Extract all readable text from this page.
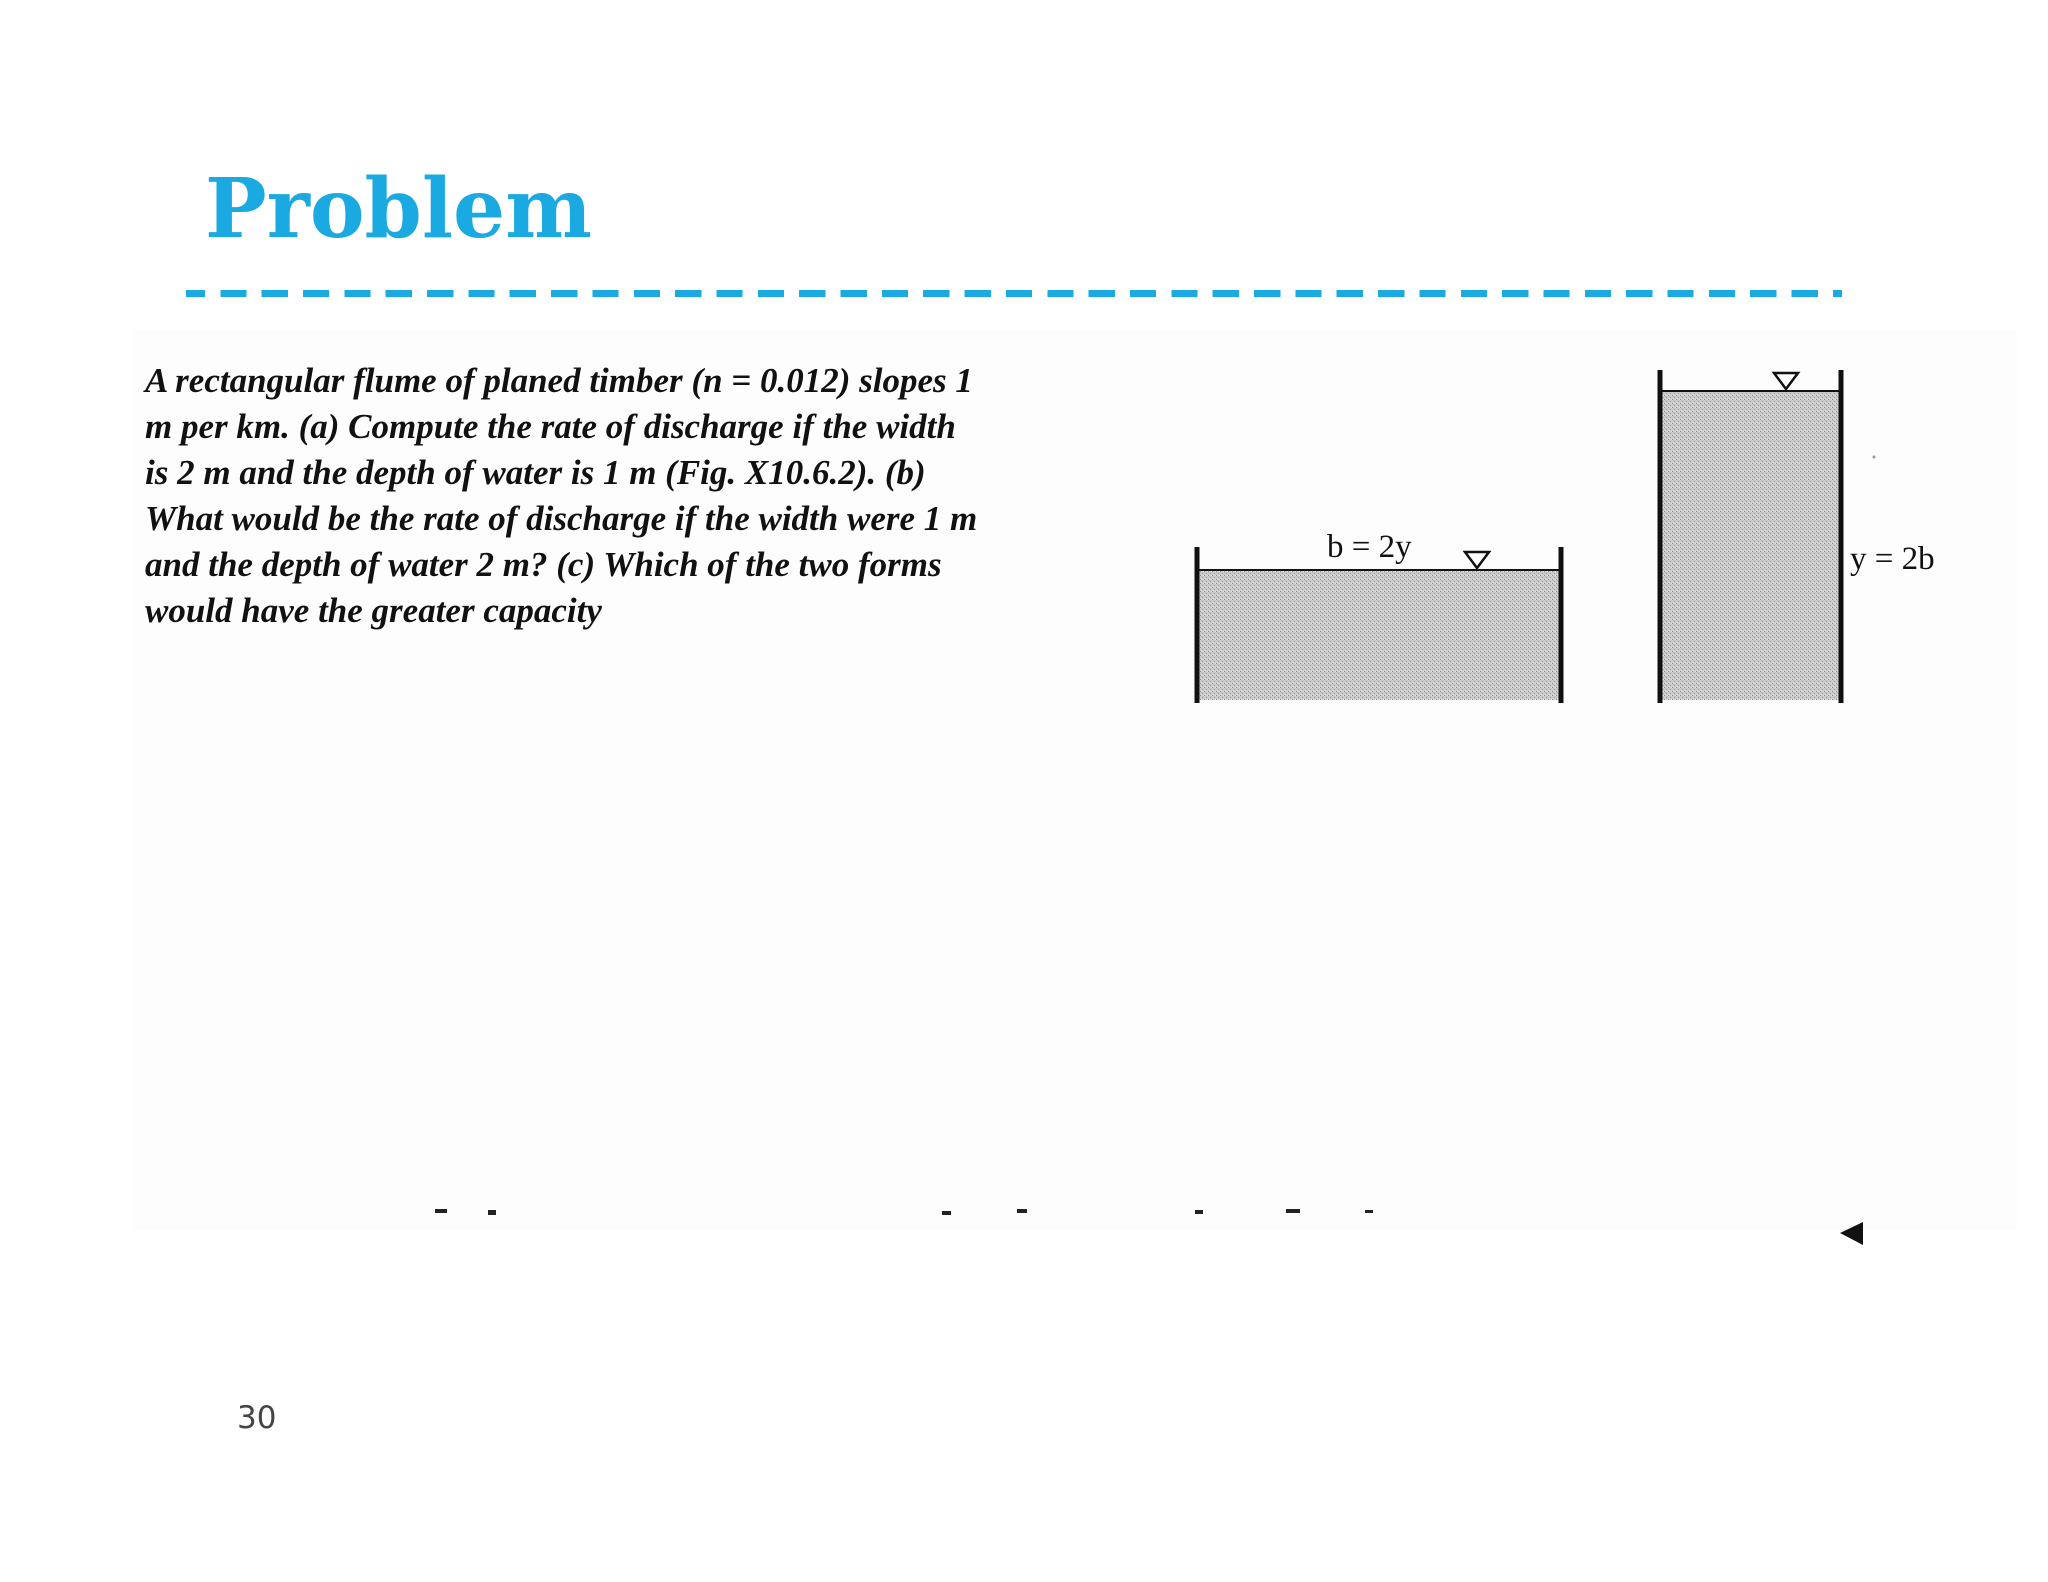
Problem

A rectangular flume of planed timber (n = 0.012) slopes 1
m per km. (a) Compute the rate of discharge if the width
is 2 m and the depth of water is 1 m (Fig. X10.6.2). (b)
What would be the rate of discharge if the width were 1 m
and the depth of water 2 m? (c) Which of the two forms
would have the greater capacity

b = 2y	y = 2b
30
